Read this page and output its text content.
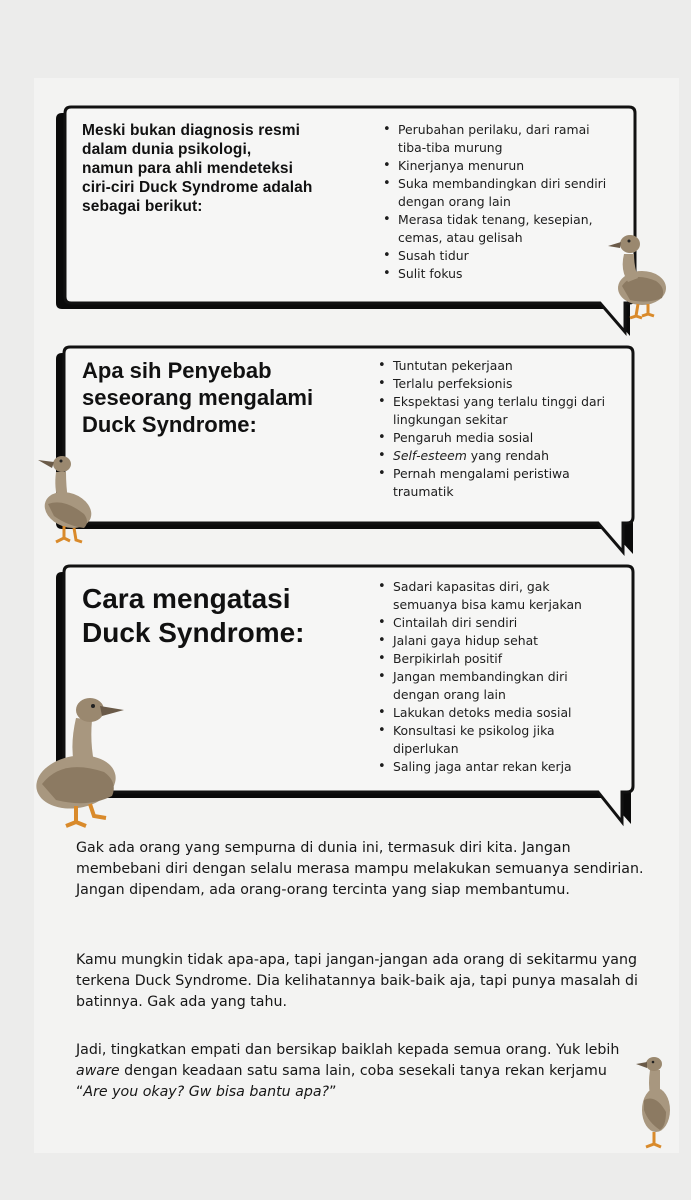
Meski bukan diagnosis resmi
dalam dunia psikologi,
namun para ahli mendeteksi
ciri-ciri Duck Syndrome adalah
sebagai berikut:

• Perubahan perilaku, dari ramai tiba-tiba murung
• Kinerjanya menurun
• Suka membandingkan diri sendiri dengan orang lain
• Merasa tidak tenang, kesepian, cemas, atau gelisah
• Susah tidur
• Sulit fokus

Apa sih Penyebab
seseorang mengalami
Duck Syndrome:

• Tuntutan pekerjaan
• Terlalu perfeksionis
• Ekspektasi yang terlalu tinggi dari lingkungan sekitar
• Pengaruh media sosial
• Self-esteem yang rendah
• Pernah mengalami peristiwa traumatik

Cara mengatasi
Duck Syndrome:

• Sadari kapasitas diri, gak semuanya bisa kamu kerjakan
• Cintailah diri sendiri
• Jalani gaya hidup sehat
• Berpikirlah positif
• Jangan membandingkan diri dengan orang lain
• Lakukan detoks media sosial
• Konsultasi ke psikolog jika diperlukan
• Saling jaga antar rekan kerja

Gak ada orang yang sempurna di dunia ini, termasuk diri kita. Jangan membebani diri dengan selalu merasa mampu melakukan semuanya sendirian. Jangan dipendam, ada orang-orang tercinta yang siap membantumu.

Kamu mungkin tidak apa-apa, tapi jangan-jangan ada orang di sekitarmu yang terkena Duck Syndrome. Dia kelihatannya baik-baik aja, tapi punya masalah di batinnya. Gak ada yang tahu.

Jadi, tingkatkan empati dan bersikap baiklah kepada semua orang. Yuk lebih aware dengan keadaan satu sama lain, coba sesekali tanya rekan kerjamu “Are you okay? Gw bisa bantu apa?”
